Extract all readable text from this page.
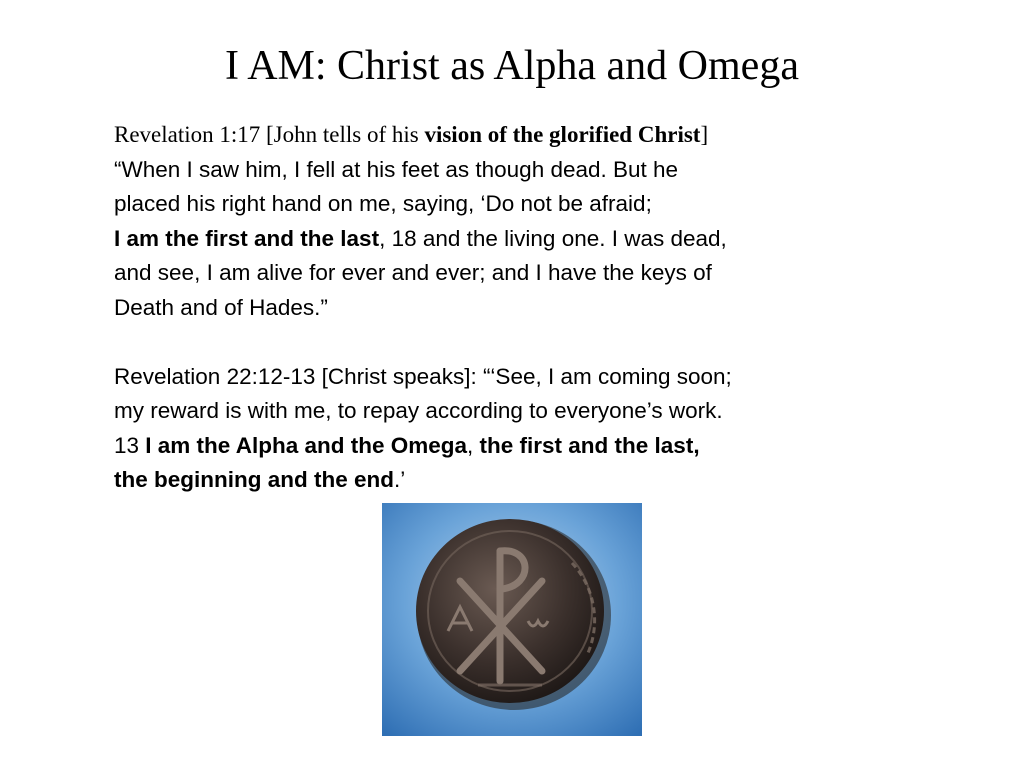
I AM: Christ as Alpha and Omega
Revelation 1:17 [John tells of his vision of the glorified Christ]
“When I saw him, I fell at his feet as though dead. But he
placed his right hand on me, saying, ‘Do not be afraid;
I am the first and the last, 18 and the living one. I was dead,
and see, I am alive for ever and ever; and I have the keys of
Death and of Hades.”
Revelation 22:12-13 [Christ speaks]: “‘See, I am coming soon;
my reward is with me, to repay according to everyone’s work.
13 I am the Alpha and the Omega, the first and the last,
the beginning and the end.’
